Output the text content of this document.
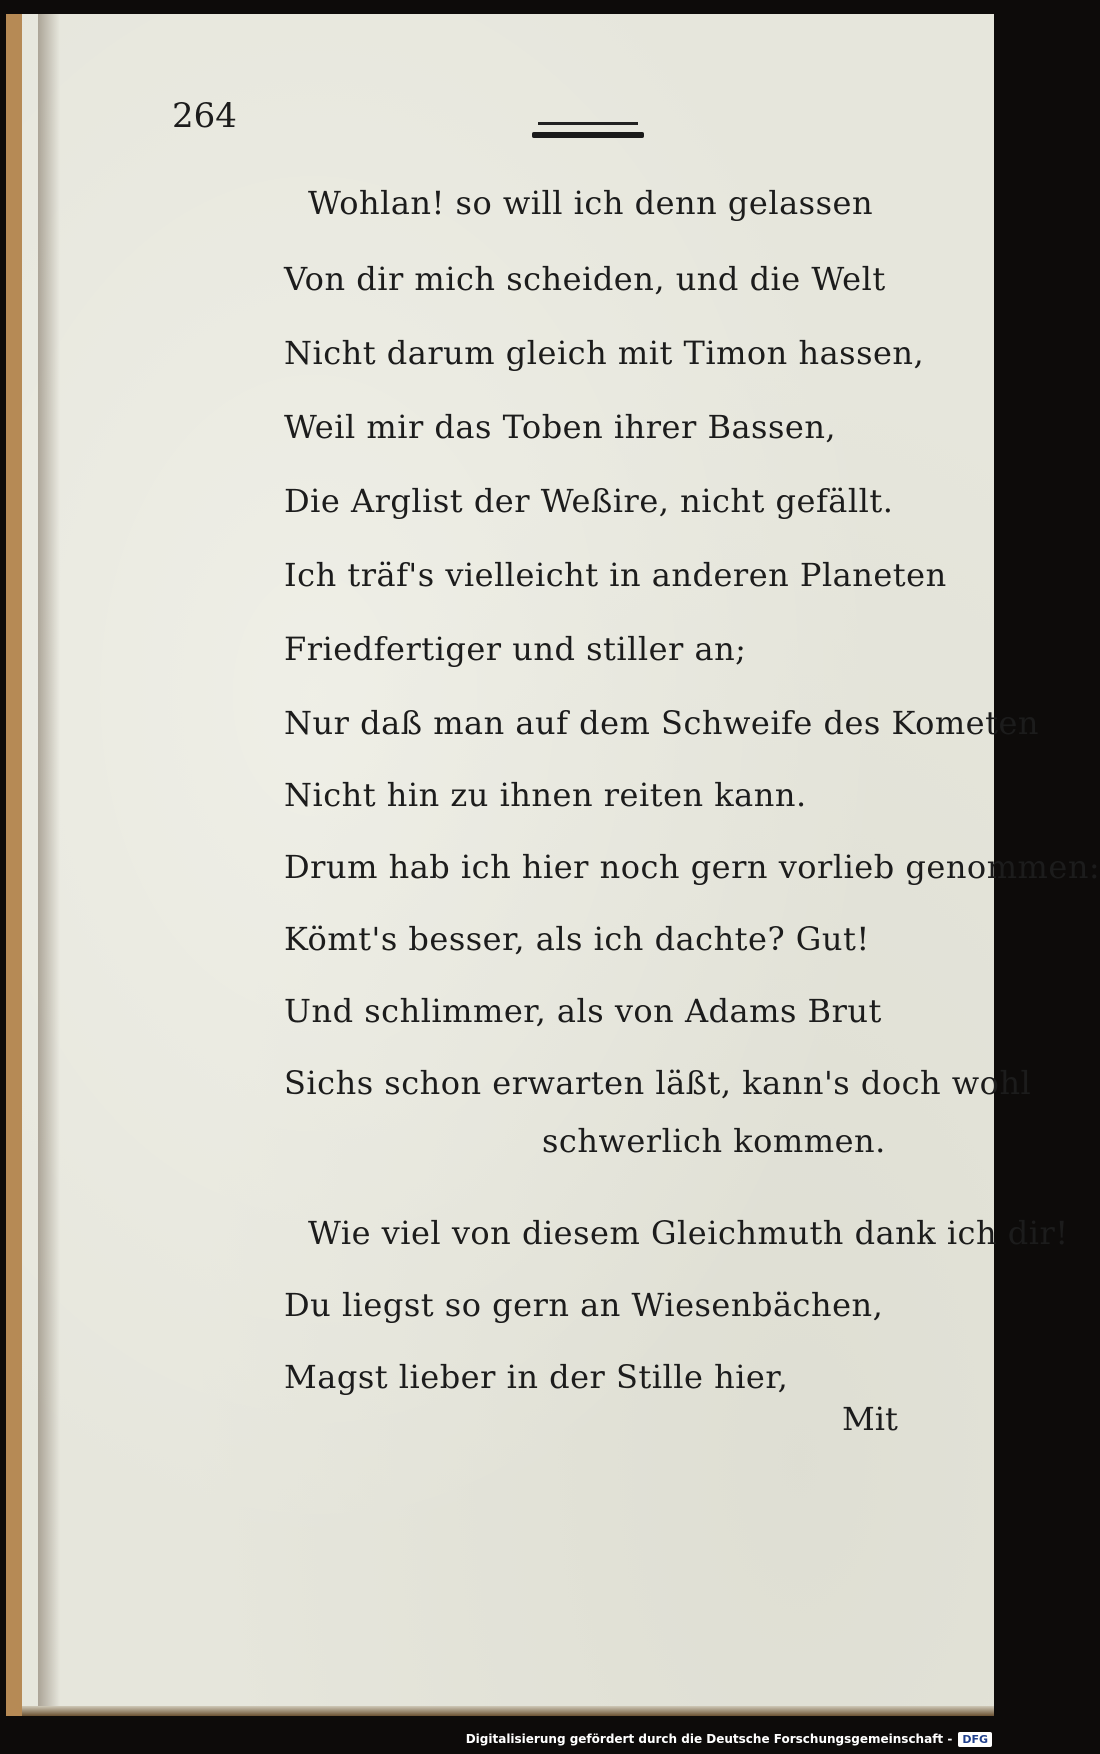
264
Wohlan! so will ich denn gelassen
Von dir mich scheiden, und die Welt
Nicht darum gleich mit Timon hassen,
Weil mir das Toben ihrer Bassen,
Die Arglist der Weßire, nicht gefällt.
Ich träf's vielleicht in anderen Planeten
Friedfertiger und stiller an;
Nur daß man auf dem Schweife des Kometen
Nicht hin zu ihnen reiten kann.
Drum hab ich hier noch gern vorlieb genommen:
Kömt's besser, als ich dachte? Gut!
Und schlimmer, als von Adams Brut
Sichs schon erwarten läßt, kann's doch wohl
schwerlich kommen.
Wie viel von diesem Gleichmuth dank ich dir!
Du liegst so gern an Wiesenbächen,
Magst lieber in der Stille hier,
Mit
Digitalisierung gefördert durch die Deutsche Forschungsgemeinschaft - DFG
